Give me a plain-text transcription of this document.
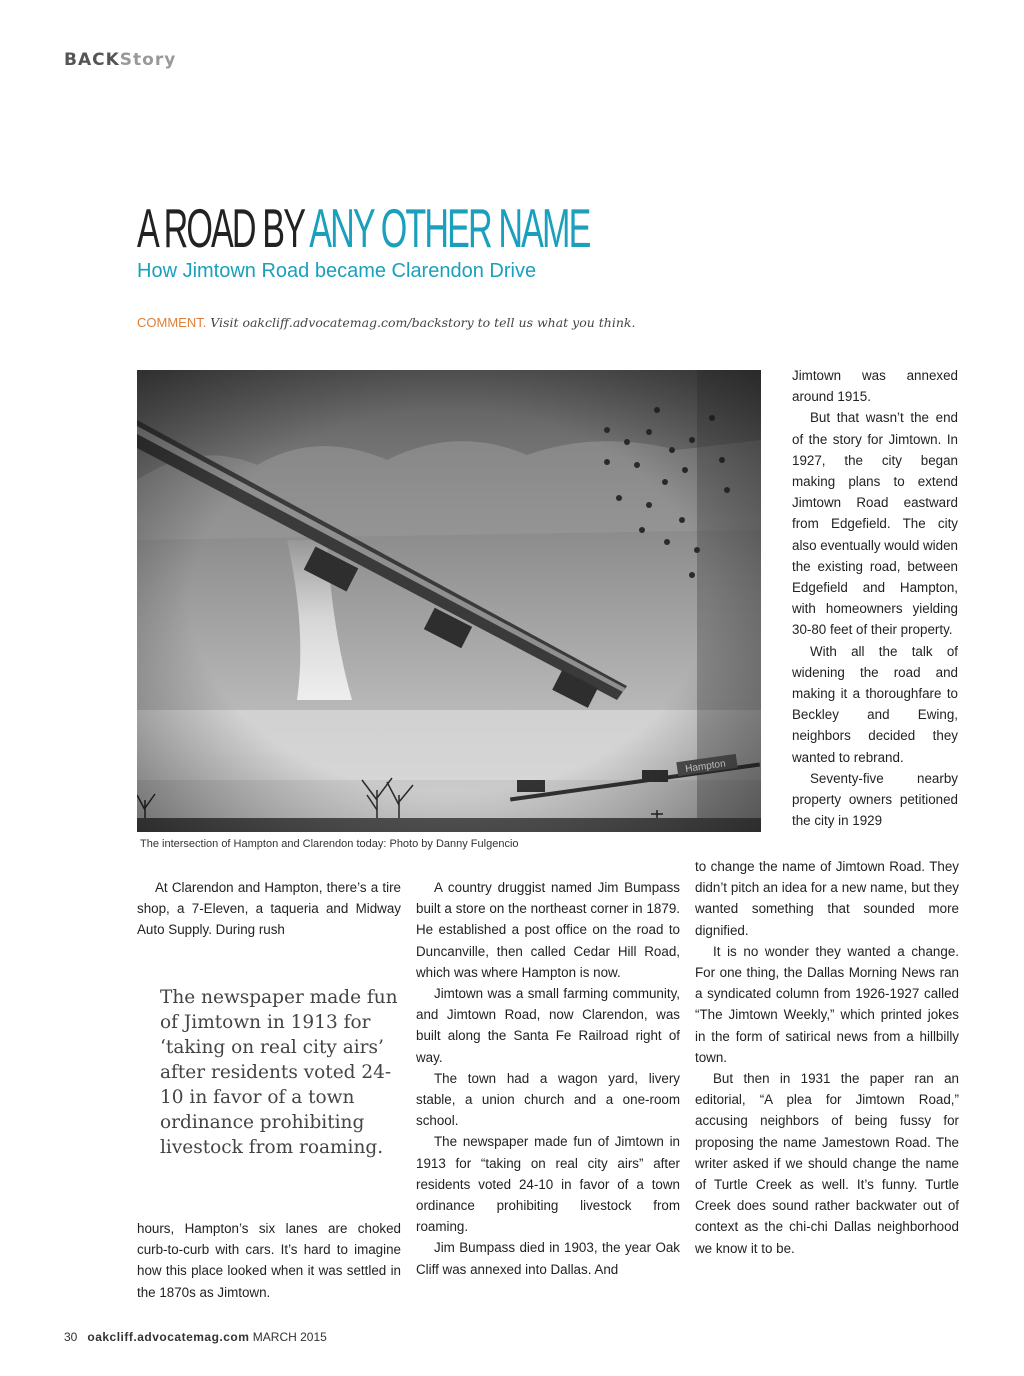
BACKStory
A ROAD BY ANY OTHER NAME
How Jimtown Road became Clarendon Drive
COMMENT. Visit oakcliff.advocatemag.com/backstory to tell us what you think.
The intersection of Hampton and Clarendon today: Photo by Danny Fulgencio

Jimtown was annexed around 1915.

But that wasn’t the end of the story for Jimtown. In 1927, the city began making plans to extend Jimtown Road eastward from Edgefield. The city also eventually would widen the existing road, between Edgefield and Hampton, with homeowners yielding 30-80 feet of their property.

With all the talk of widening the road and making it a thoroughfare to Beckley and Ewing, neighbors decided they wanted to rebrand.

Seventy-five nearby property owners petitioned the city in 1929

At Clarendon and Hampton, there’s a tire shop, a 7-Eleven, a taqueria and Midway Auto Supply. During rush

The newspaper made fun of Jimtown in 1913 for ‘taking on real city airs’ after residents voted 24-10 in favor of a town ordinance prohibiting livestock from roaming.

hours, Hampton’s six lanes are choked curb-to-curb with cars. It’s hard to imagine how this place looked when it was settled in the 1870s as Jimtown.

A country druggist named Jim Bumpass built a store on the northeast corner in 1879. He established a post office on the road to Duncanville, then called Cedar Hill Road, which was where Hampton is now.

Jimtown was a small farming community, and Jimtown Road, now Clarendon, was built along the Santa Fe Railroad right of way.

The town had a wagon yard, livery stable, a union church and a one-room school.

The newspaper made fun of Jimtown in 1913 for “taking on real city airs” after residents voted 24-10 in favor of a town ordinance prohibiting livestock from roaming.

Jim Bumpass died in 1903, the year Oak Cliff was annexed into Dallas. And

to change the name of Jimtown Road. They didn’t pitch an idea for a new name, but they wanted something that sounded more dignified.

It is no wonder they wanted a change. For one thing, the Dallas Morning News ran a syndicated column from 1926-1927 called “The Jimtown Weekly,” which printed jokes in the form of satirical news from a hillbilly town.

But then in 1931 the paper ran an editorial, “A plea for Jimtown Road,” accusing neighbors of being fussy for proposing the name Jamestown Road. The writer asked if we should change the name of Turtle Creek as well. It’s funny. Turtle Creek does sound rather backwater out of context as the chi-chi Dallas neighborhood we know it to be.

30 oakcliff.advocatemag.com MARCH 2015
